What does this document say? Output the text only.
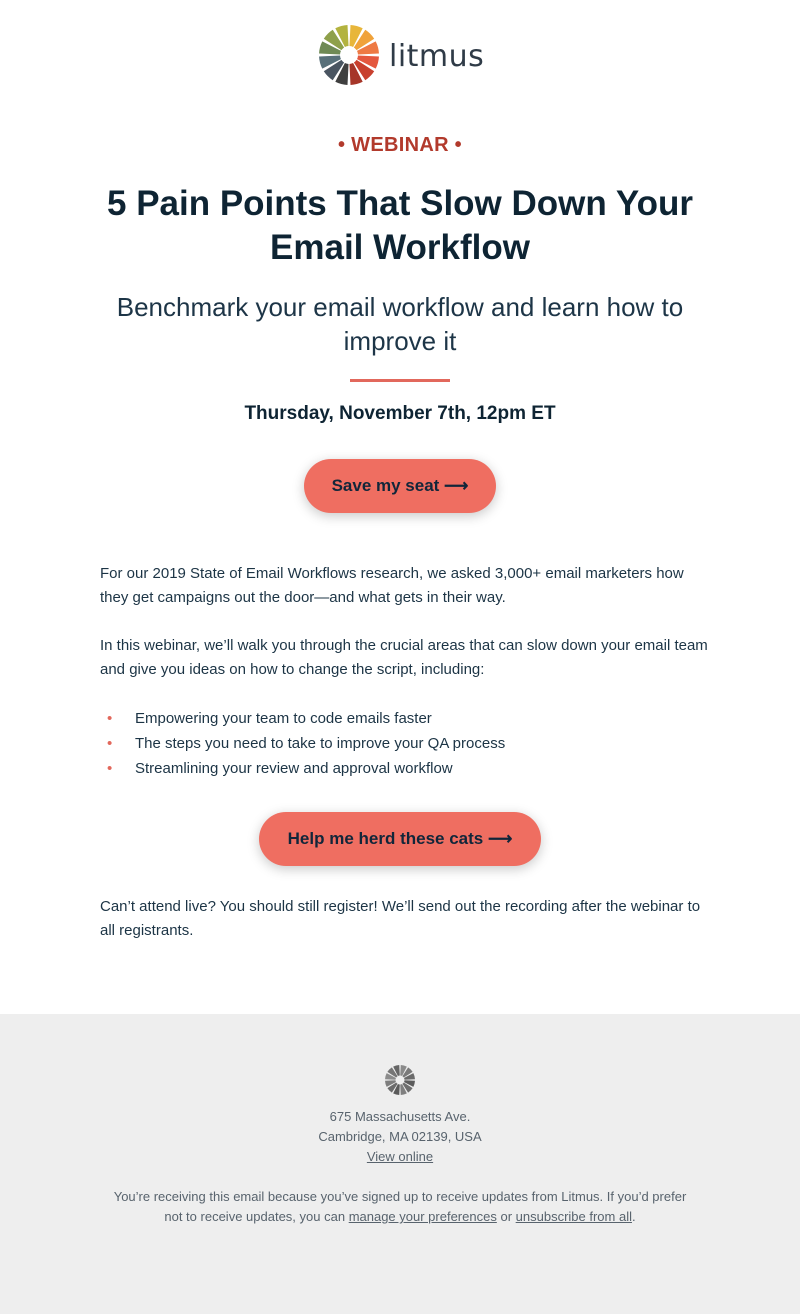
litmus
• WEBINAR •
5 Pain Points That Slow Down Your Email Workflow

Benchmark your email workflow and learn how to improve it

Thursday, November 7th, 12pm ET
Save my seat ⟶

For our 2019 State of Email Workflows research, we asked 3,000+ email marketers how they get campaigns out the door—and what gets in their way.

In this webinar, we’ll walk you through the crucial areas that can slow down your email team and give you ideas on how to change the script, including:

• Empowering your team to code emails faster
• The steps you need to take to improve your QA process
• Streamlining your review and approval workflow
Help me herd these cats ⟶

Can’t attend live? You should still register! We’ll send out the recording after the webinar to all registrants.

675 Massachusetts Ave.
Cambridge, MA 02139, USA
View online

You’re receiving this email because you’ve signed up to receive updates from Litmus. If you’d prefer not to receive updates, you can manage your preferences or unsubscribe from all.
